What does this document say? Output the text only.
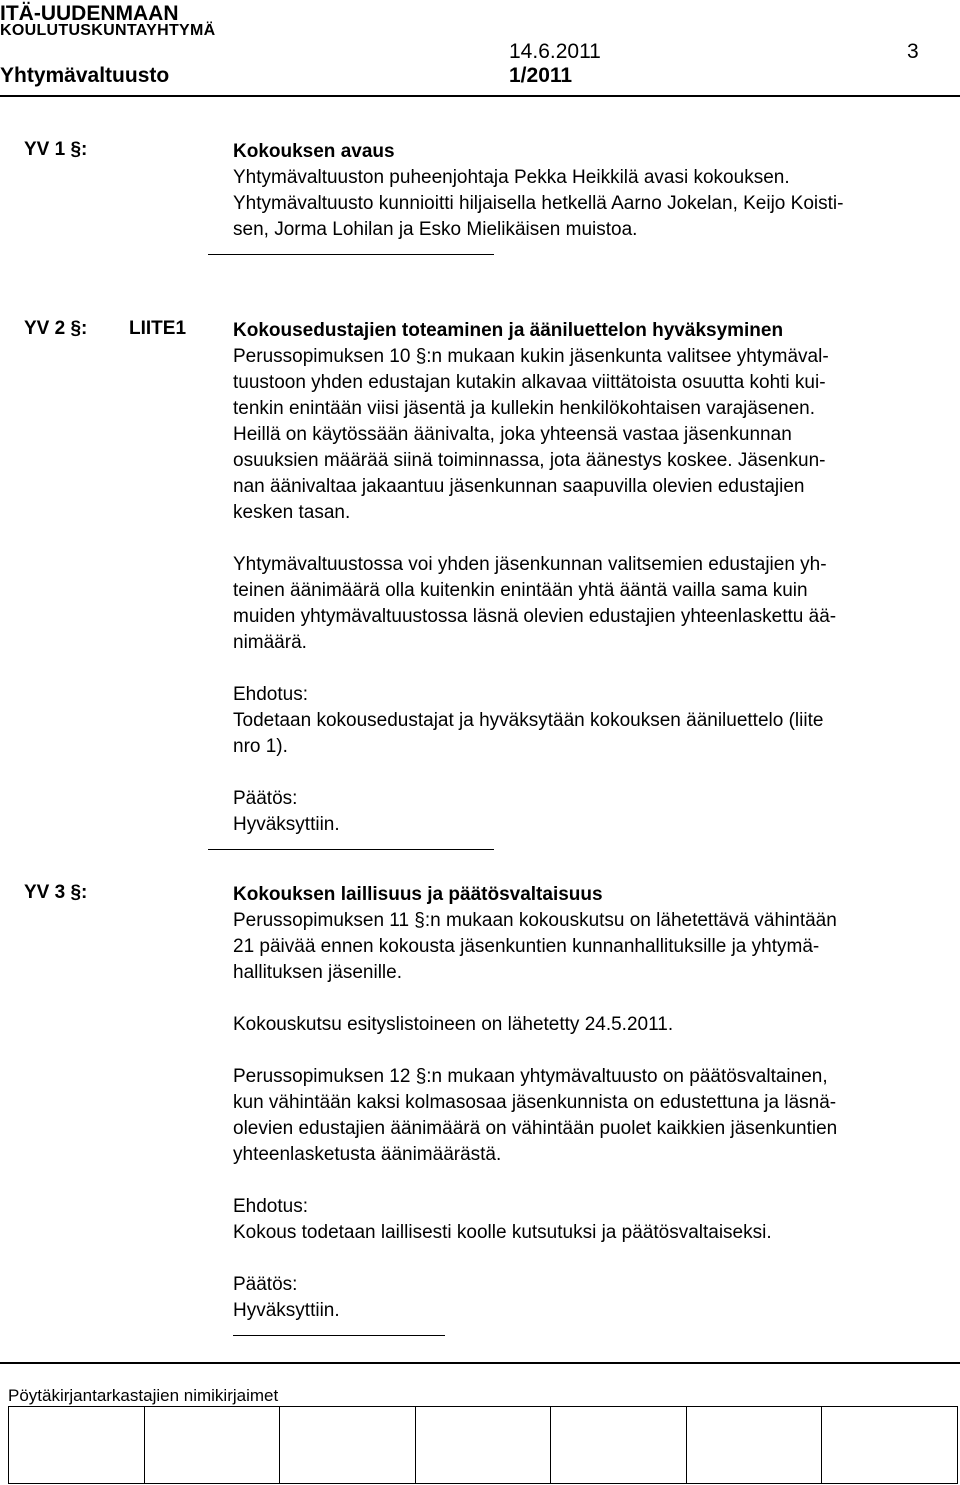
ITÄ-UUDENMAAN
KOULUTUSKUNTAYHTYMÄ
14.6.2011	3
Yhtymävaltuusto	1/2011
YV 1 §:	Kokouksen avaus

Yhtymävaltuuston puheenjohtaja Pekka Heikkilä avasi kokouksen.

Yhtymävaltuusto kunnioitti hiljaisella hetkellä Aarno Jokelan, Keijo Koisti-

sen, Jorma Lohilan ja Esko Mielikäisen muistoa.

YV 2 §: LIITE1 Kokousedustajien toteaminen ja ääniluettelon hyväksyminen

Perussopimuksen 10 §:n mukaan kukin jäsenkunta valitsee yhtymäval-

tuustoon yhden edustajan kutakin alkavaa viittätoista osuutta kohti kui-

tenkin enintään viisi jäsentä ja kullekin henkilökohtaisen varajäsenen.

Heillä on käytössään äänivalta, joka yhteensä vastaa jäsenkunnan

osuuksien määrää siinä toiminnassa, jota äänestys koskee. Jäsenkun-

nan äänivaltaa jakaantuu jäsenkunnan saapuvilla olevien edustajien

kesken tasan.

Yhtymävaltuustossa voi yhden jäsenkunnan valitsemien edustajien yh-

teinen äänimäärä olla kuitenkin enintään yhtä ääntä vailla sama kuin

muiden yhtymävaltuustossa läsnä olevien edustajien yhteenlaskettu ää-

nimäärä.

Ehdotus:

Todetaan kokousedustajat ja hyväksytään kokouksen ääniluettelo (liite

nro 1).

Päätös:

Hyväksyttiin.

YV 3 §:	Kokouksen laillisuus ja päätösvaltaisuus

Perussopimuksen 11 §:n mukaan kokouskutsu on lähetettävä vähintään

21 päivää ennen kokousta jäsenkuntien kunnanhallituksille ja yhtymä-

hallituksen jäsenille.

Kokouskutsu esityslistoineen on lähetetty 24.5.2011.

Perussopimuksen 12 §:n mukaan yhtymävaltuusto on päätösvaltainen,

kun vähintään kaksi kolmasosaa jäsenkunnista on edustettuna ja läsnä-

olevien edustajien äänimäärä on vähintään puolet kaikkien jäsenkuntien

yhteenlasketusta äänimäärästä.

Ehdotus:

Kokous todetaan laillisesti koolle kutsutuksi ja päätösvaltaiseksi.

Päätös:

Hyväksyttiin.

Pöytäkirjantarkastajien nimikirjaimet
